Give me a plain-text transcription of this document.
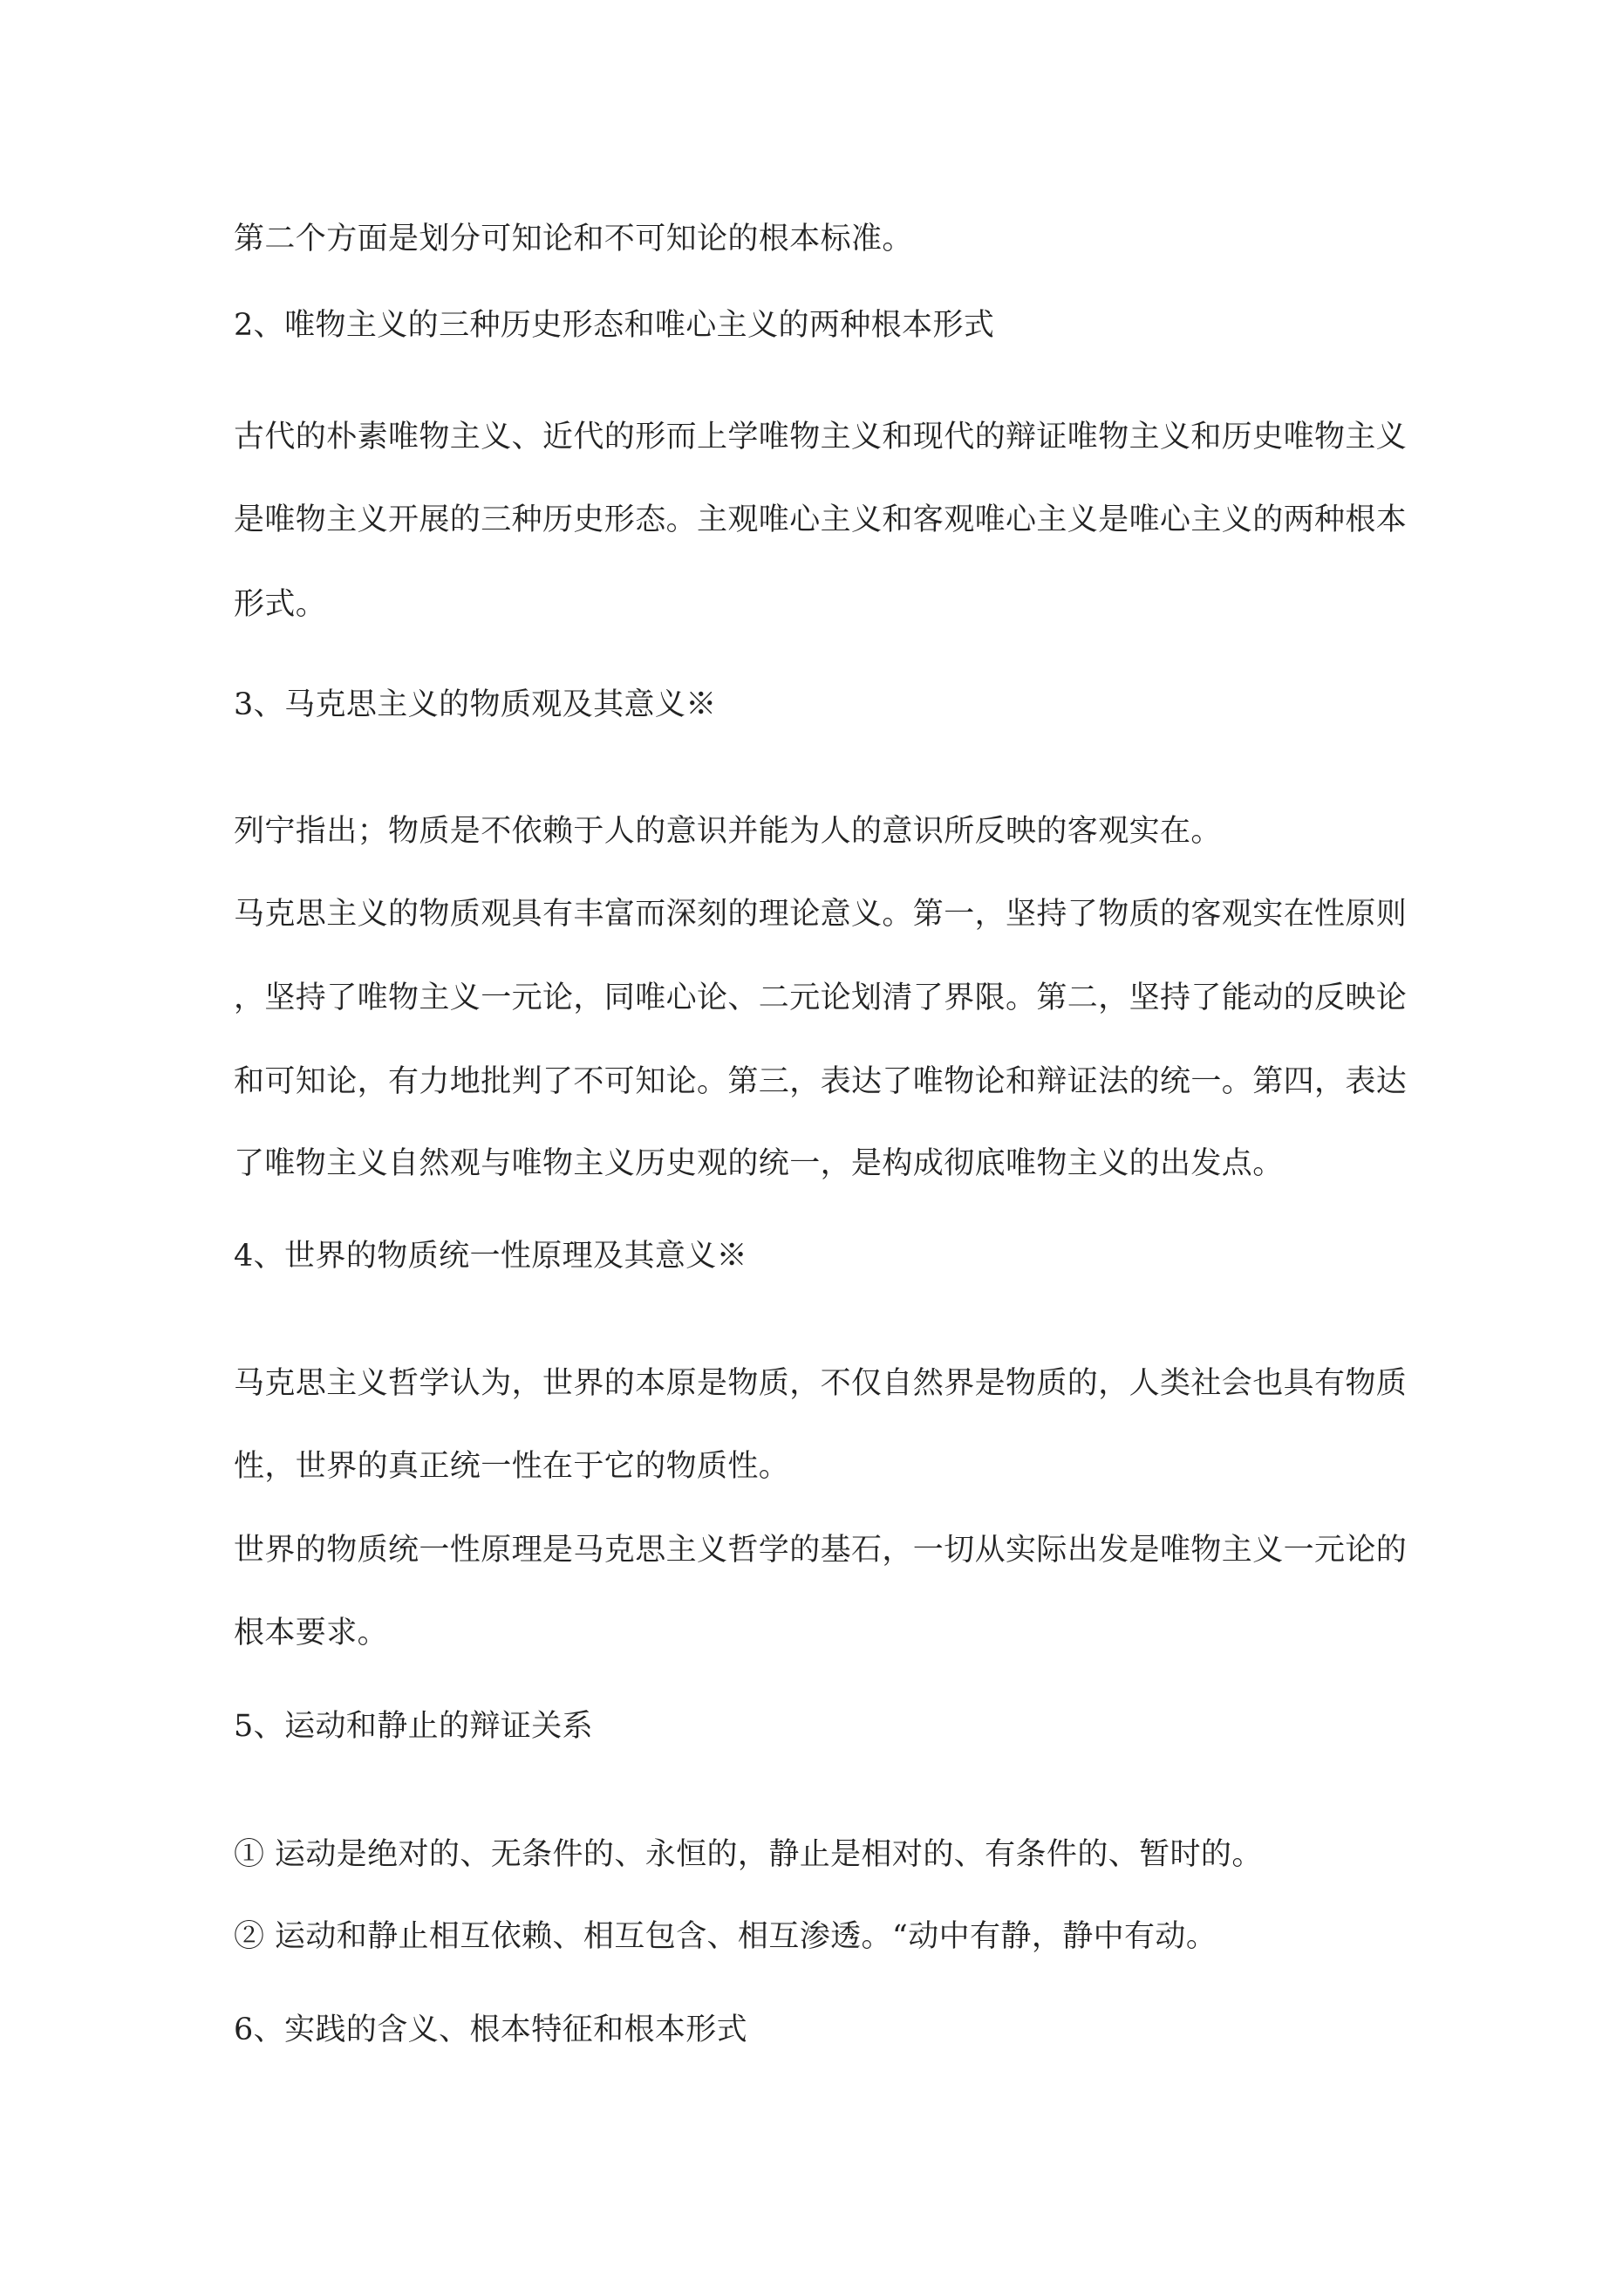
第二个方面是划分可知论和不可知论的根本标准。
2、唯物主义的三种历史形态和唯心主义的两种根本形式
古代的朴素唯物主义、近代的形而上学唯物主义和现代的辩证唯物主义和历史唯物主义
是唯物主义开展的三种历史形态。主观唯心主义和客观唯心主义是唯心主义的两种根本
形式。
3、马克思主义的物质观及其意义※
列宁指出；物质是不依赖于人的意识并能为人的意识所反映的客观实在。
马克思主义的物质观具有丰富而深刻的理论意义。第一，坚持了物质的客观实在性原则
，坚持了唯物主义一元论，同唯心论、二元论划清了界限。第二，坚持了能动的反映论
和可知论，有力地批判了不可知论。第三，表达了唯物论和辩证法的统一。第四，表达
了唯物主义自然观与唯物主义历史观的统一，是构成彻底唯物主义的出发点。
4、世界的物质统一性原理及其意义※
马克思主义哲学认为，世界的本原是物质，不仅自然界是物质的，人类社会也具有物质
性，世界的真正统一性在于它的物质性。
世界的物质统一性原理是马克思主义哲学的基石，一切从实际出发是唯物主义一元论的
根本要求。
5、运动和静止的辩证关系
① 运动是绝对的、无条件的、永恒的，静止是相对的、有条件的、暂时的。
② 运动和静止相互依赖、相互包含、相互渗透。“动中有静，静中有动。
6、实践的含义、根本特征和根本形式
